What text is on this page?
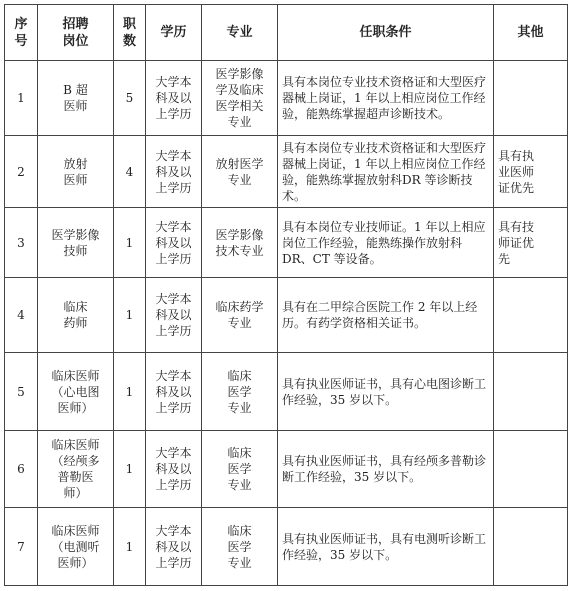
序
号	招聘
岗位	职
数	学历	专业	任职条件	其他
1	B 超
医师	5	大学本
科及以
上学历	医学影像
学及临床
医学相关
专业	具有本岗位专业技术资格证和大型医疗器械上岗证，1 年以上相应岗位工作经验，能熟练掌握超声诊断技术。	
2	放射
医师	4	大学本
科及以
上学历	放射医学
专业	具有本岗位专业技术资格证和大型医疗器械上岗证，1 年以上相应岗位工作经验，能熟练掌握放射科DR 等诊断技术。	具有执
业医师
证优先
3	医学影像
技师	1	大学本
科及以
上学历	医学影像
技术专业	具有本岗位专业技师证。1 年以上相应岗位工作经验，能熟练操作放射科 DR、CT 等设备。	具有技
师证优
先
4	临床
药师	1	大学本
科及以
上学历	临床药学
专业	具有在二甲综合医院工作 2 年以上经历。有药学资格相关证书。	
5	临床医师
（心电图
医师）	1	大学本
科及以
上学历	临床
医学
专业	具有执业医师证书，具有心电图诊断工作经验，35 岁以下。	
6	临床医师
（经颅多
普勒医
师）	1	大学本
科及以
上学历	临床
医学
专业	具有执业医师证书，具有经颅多普勒诊断工作经验，35 岁以下。	
7	临床医师
（电测听
医师）	1	大学本
科及以
上学历	临床
医学
专业	具有执业医师证书，具有电测听诊断工作经验，35 岁以下。	
